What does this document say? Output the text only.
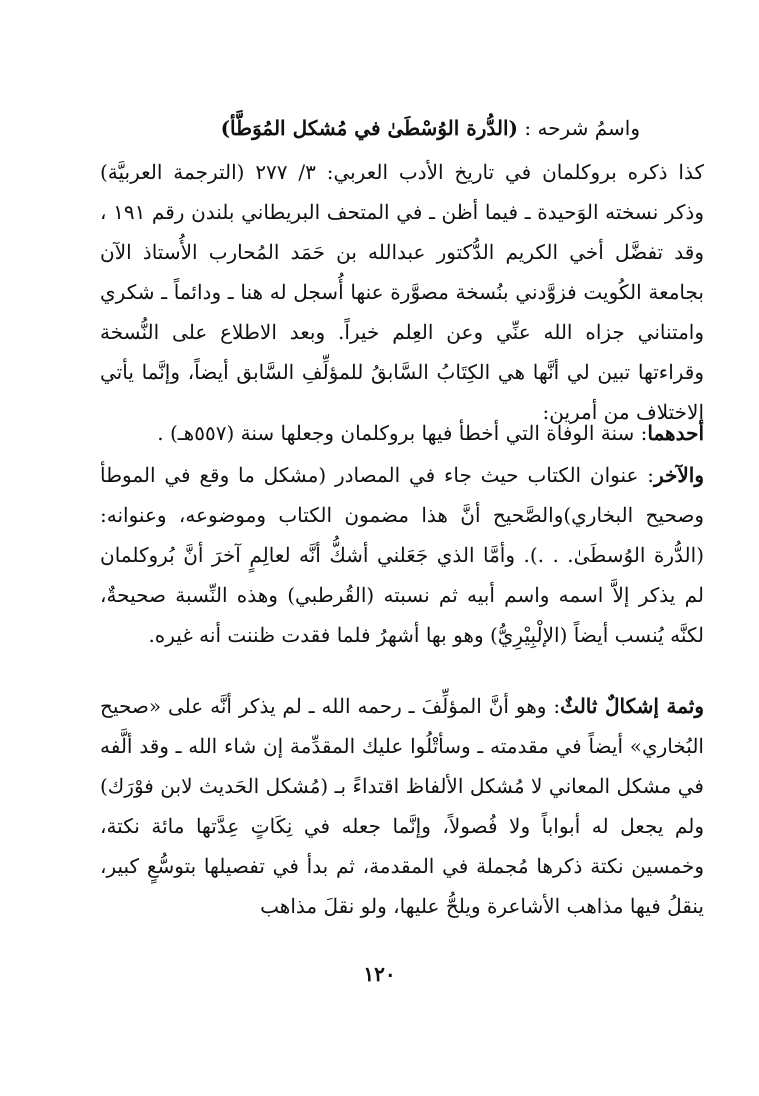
واسمُ شرحه : (الدُّرة الوُسْطَىٰ في مُشكل المُوَطَّأ)

كذا ذكره بروكلمان في تاريخ الأدب العربي: ٣/ ٢٧٧ (الترجمة العربيَّة) وذكر نسخته الوَحيدة ـ فيما أظن ـ في المتحف البريطاني بلندن رقم ١٩١ ، وقد تفضَّل أخي الكريم الدُّكتور عبدالله بن حَمَد المُحارب الأُستاذ الآن بجامعة الكُويت فزوَّدني بنُسخة مصوَّرة عنها أُسجل له هنا ـ ودائماً ـ شكري وامتناني جزاه الله عنِّي وعن العِلم خيراً. وبعد الاطلاع على النُّسخة وقراءتها تبين لي أنَّها هي الكِتَابُ السَّابقُ للمؤلِّفِ السَّابق أيضاً، وإنَّما يأتي الاختلاف من أمرين:

أحدهما: سنة الوفاة التي أخطأ فيها بروكلمان وجعلها سنة (٥٥٧هـ) .

والآخر: عنوان الكتاب حيث جاء في المصادر (مشكل ما وقع في الموطأ وصحيح البخاري)والصَّحيح أنَّ هذا مضمون الكتاب وموضوعه، وعنوانه: (الدُّرة الوُسطَىٰ. . .). وأمَّا الذي جَعَلني أشكُّ أنَّه لعالِمٍ آخرَ أنَّ بُروكلمان لم يذكر إلاَّ اسمه واسم أبيه ثم نسبته (القُرطبي) وهذه النِّسبة صحيحةٌ، لكنَّه يُنسب أيضاً (الإلْبِيْرِيُّ) وهو بها أشهرُ فلما فقدت ظننت أنه غيره.

وثمة إشكالٌ ثالثٌ: وهو أنَّ المؤلِّفَ ـ رحمه الله ـ لم يذكر أنَّه على «صحيح البُخاري» أيضاً في مقدمته ـ وسأتْلُوا عليك المقدِّمة إن شاء الله ـ وقد ألَّفه في مشكل المعاني لا مُشكل الألفاظ اقتداءً بـ (مُشكل الحَديث لابن فوْرَك) ولم يجعل له أبواباً ولا فُصولاً، وإنَّما جعله في نِكَاتٍ عِدَّتها مائة نكتة، وخمسين نكتة ذكرها مُجملة في المقدمة، ثم بدأ في تفصيلها بتوسُّعٍ كبير، ينقلُ فيها مذاهب الأشاعرة ويلحُّ عليها، ولو نقلَ مذاهب

١٢٠
